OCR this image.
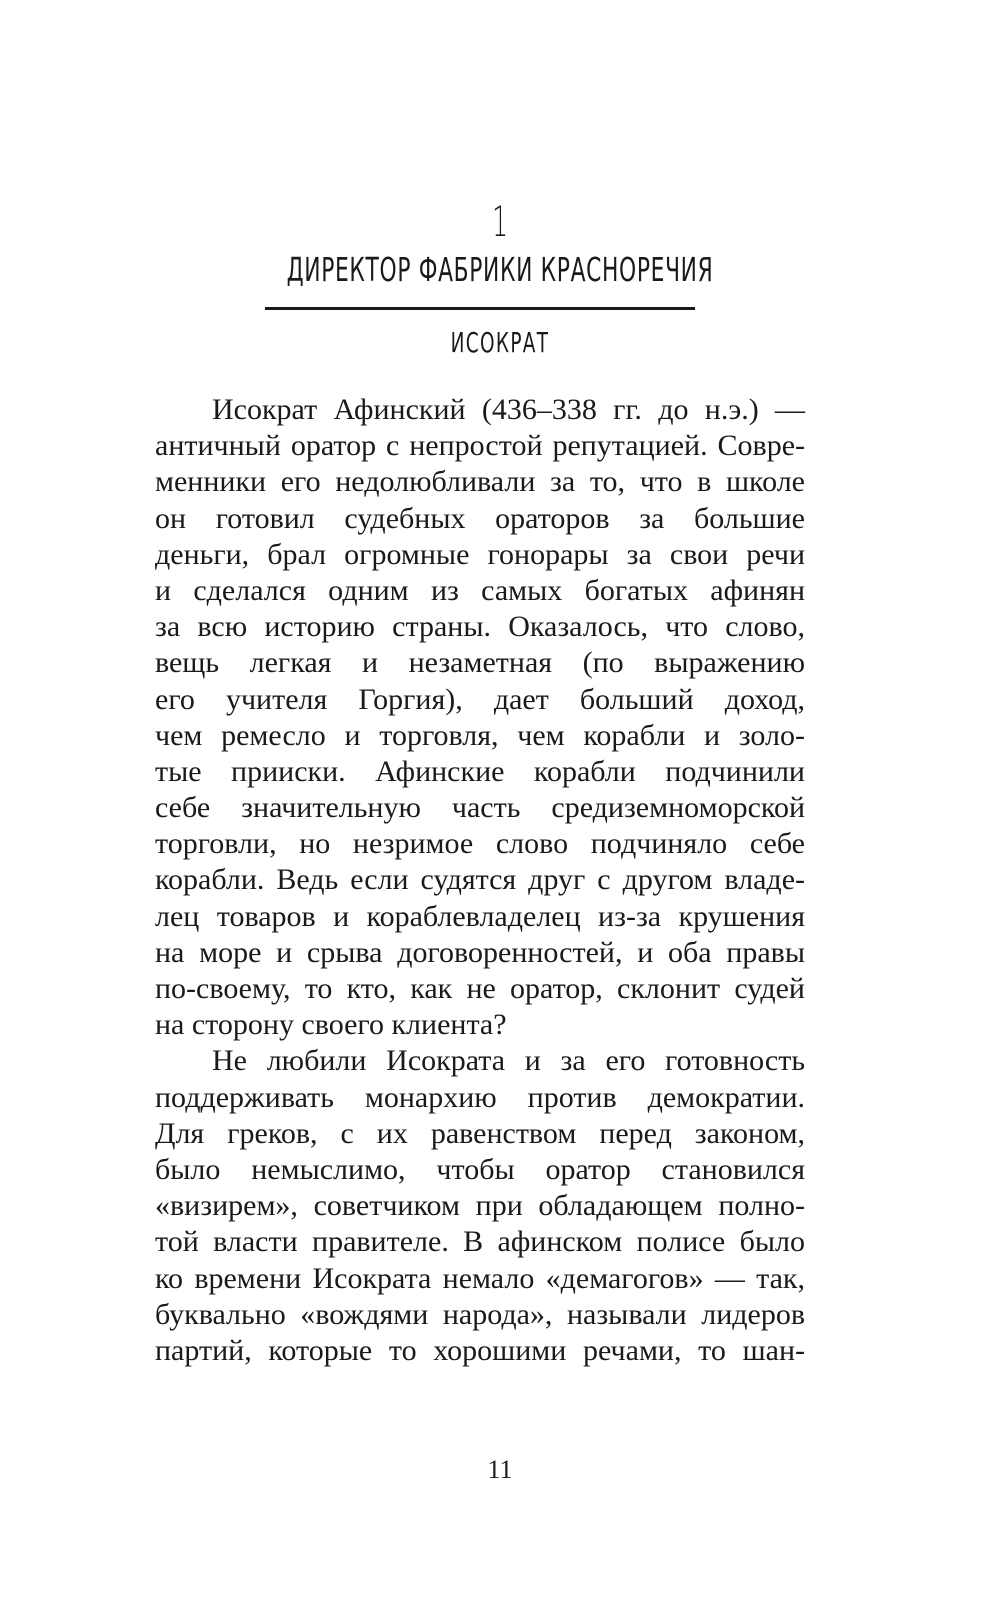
1
ДИРЕКТОР ФАБРИКИ КРАСНОРЕЧИЯ
ИСОКРАТ
Исократ Афинский (436–338 гг. до н.э.) —
античный оратор с непростой репутацией. Совре-
менники его недолюбливали за то, что в школе
он готовил судебных ораторов за большие
деньги, брал огромные гонорары за свои речи
и сделался одним из самых богатых афинян
за всю историю страны. Оказалось, что слово,
вещь легкая и незаметная (по выражению
его учителя Горгия), дает больший доход,
чем ремесло и торговля, чем корабли и золо-
тые прииски. Афинские корабли подчинили
себе значительную часть средиземноморской
торговли, но незримое слово подчиняло себе
корабли. Ведь если судятся друг с другом владе-
лец товаров и кораблевладелец из-за крушения
на море и срыва договоренностей, и оба правы
по-своему, то кто, как не оратор, склонит судей
на сторону своего клиента?
Не любили Исократа и за его готовность
поддерживать монархию против демократии.
Для греков, с их равенством перед законом,
было немыслимо, чтобы оратор становился
«визирем», советчиком при обладающем полно-
той власти правителе. В афинском полисе было
ко времени Исократа немало «демагогов» — так,
буквально «вождями народа», называли лидеров
партий, которые то хорошими речами, то шан-
11
